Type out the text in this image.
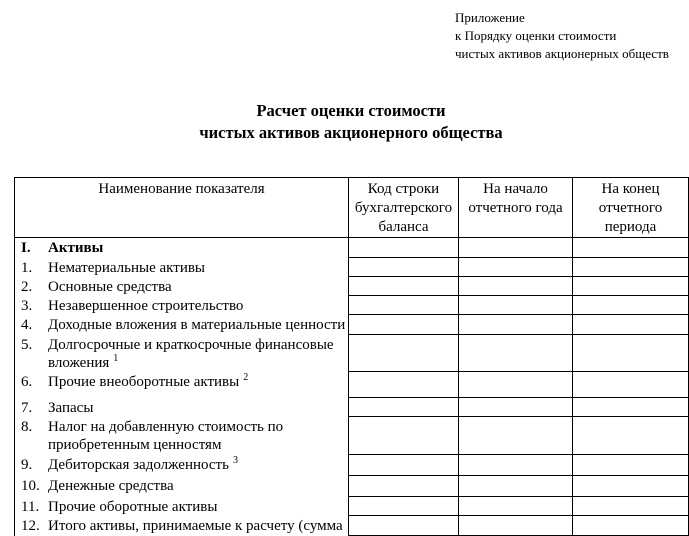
Приложение
к Порядку оценки стоимости
чистых активов акционерных обществ
Расчет оценки стоимости
чистых активов акционерного общества
Наименование показателя	Код строки бухгалтерского баланса	На начало отчетного года	На конец отчетного периода

I. Активы			

1. Нематериальные активы			

2. Основные средства			

3. Незавершенное строительство			

4. Доходные вложения в материальные ценности			

5. Долгосрочные и краткосрочные финансовые вложения $^1$			

6. Прочие внеоборотные активы $^2$			

7. Запасы			

8. Налог на добавленную стоимость по приобретенным ценностям			

9. Дебиторская задолженность $^3$			

10. Денежные средства			

11. Прочие оборотные активы			

12. Итого активы, принимаемые к расчету (сумма			
